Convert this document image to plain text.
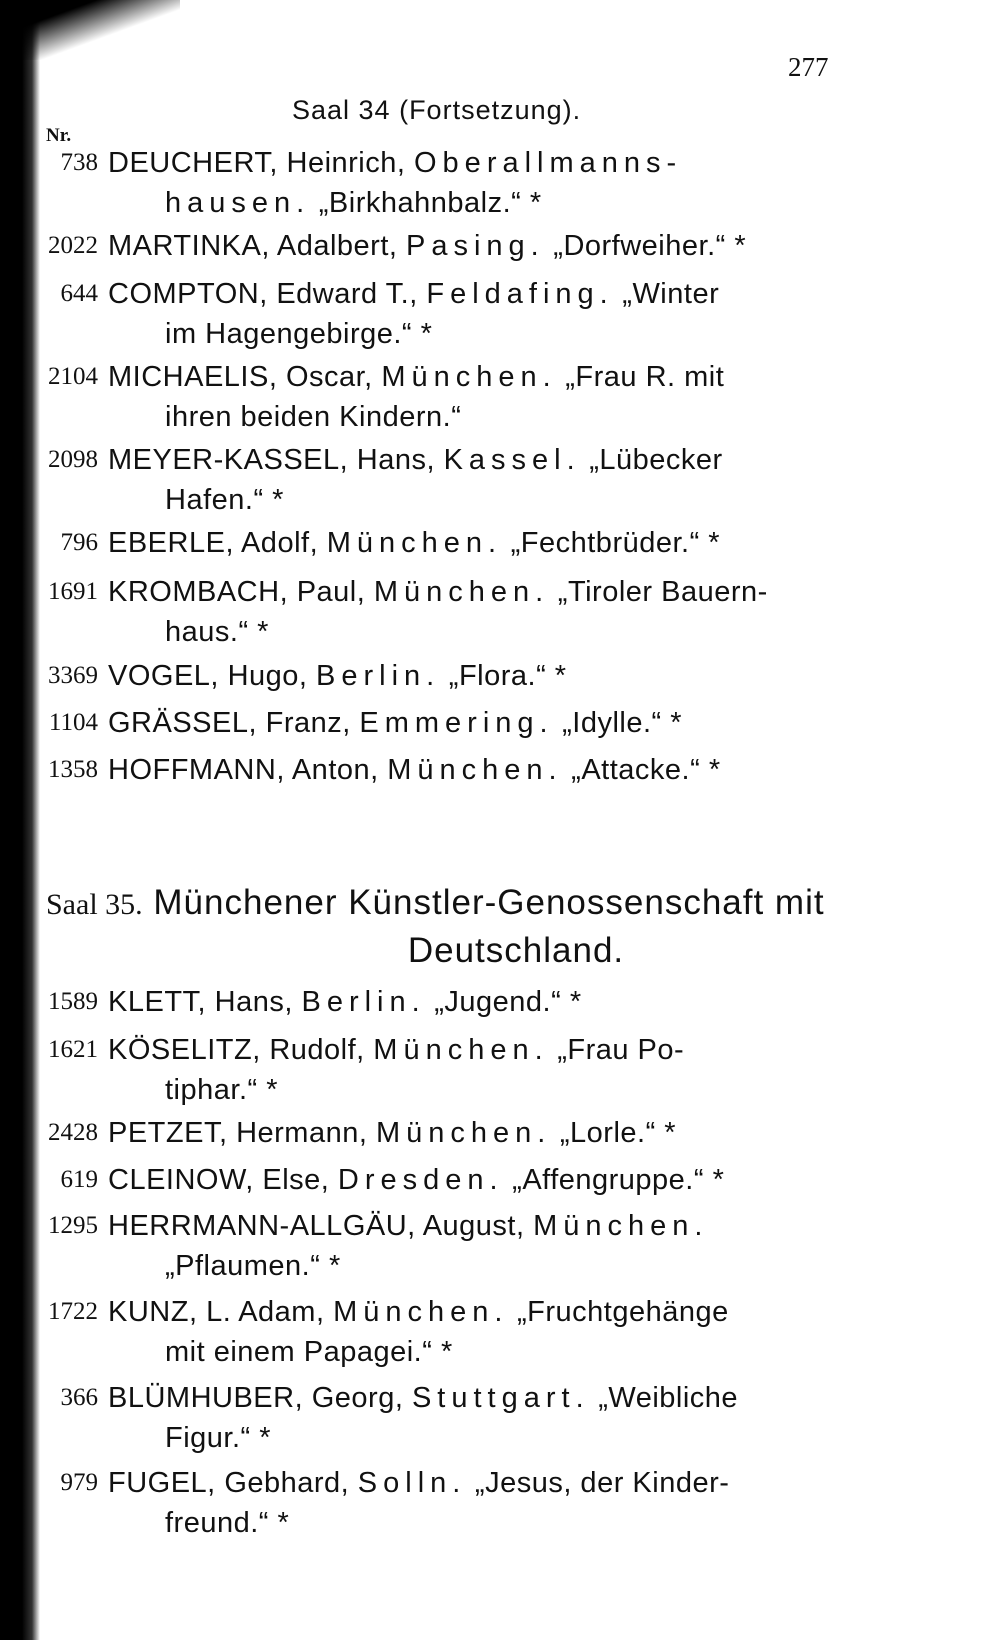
277
Saal 34 (Fortsetzung).
Nr.
738 DEUCHERT, Heinrich, Oberallmanns-
hausen. „Birkhahnbalz.“ *
2022 MARTINKA, Adalbert, Pasing. „Dorfweiher.“ *
644 COMPTON, Edward T., Feldafing. „Winter
im Hagengebirge.“ *
2104 MICHAELIS, Oscar, München. „Frau R. mit
ihren beiden Kindern.“
2098 MEYER-KASSEL, Hans, Kassel. „Lübecker
Hafen.“ *
796 EBERLE, Adolf, München. „Fechtbrüder.“ *
1691 KROMBACH, Paul, München. „Tiroler Bauern-
haus.“ *
3369 VOGEL, Hugo, Berlin. „Flora.“ *
1104 GRÄSSEL, Franz, Emmering. „Idylle.“ *
1358 HOFFMANN, Anton, München. „Attacke.“ *
Saal 35. Münchener Künstler-Genossenschaft mit
Deutschland.
1589 KLETT, Hans, Berlin. „Jugend.“ *
1621 KÖSELITZ, Rudolf, München. „Frau Po-
tiphar.“ *
2428 PETZET, Hermann, München. „Lorle.“ *
619 CLEINOW, Else, Dresden. „Affengruppe.“ *
1295 HERRMANN-ALLGÄU, August, München.
„Pflaumen.“ *
1722 KUNZ, L. Adam, München. „Fruchtgehänge
mit einem Papagei.“ *
366 BLÜMHUBER, Georg, Stuttgart. „Weibliche
Figur.“ *
979 FUGEL, Gebhard, Solln. „Jesus, der Kinder-
freund.“ *
